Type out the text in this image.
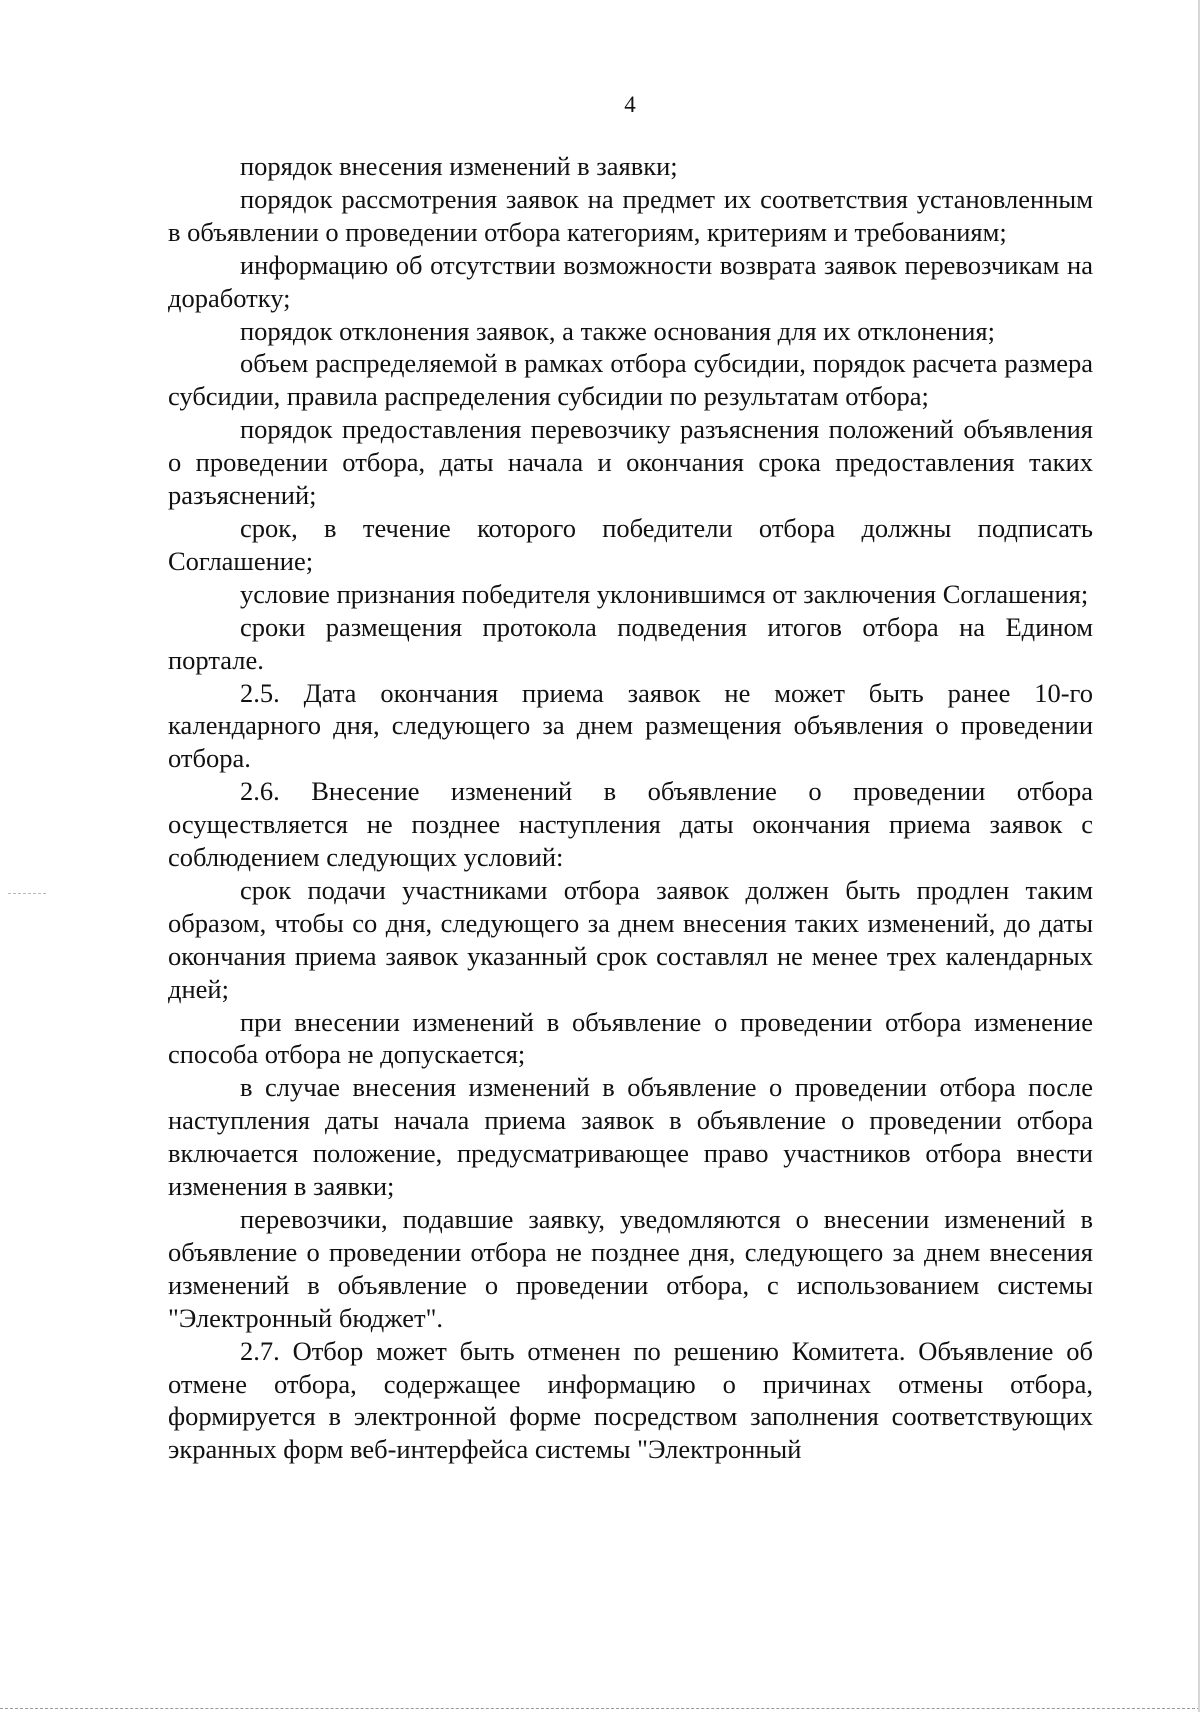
4

порядок внесения изменений в заявки;

порядок рассмотрения заявок на предмет их соответствия установленным в объявлении о проведении отбора категориям, критериям и требованиям;

информацию об отсутствии возможности возврата заявок перевозчикам на доработку;

порядок отклонения заявок, а также основания для их отклонения;

объем распределяемой в рамках отбора субсидии, порядок расчета размера субсидии, правила распределения субсидии по результатам отбора;

порядок предоставления перевозчику разъяснения положений объявления о проведении отбора, даты начала и окончания срока предоставления таких разъяснений;

срок, в течение которого победители отбора должны подписать Соглашение;

условие признания победителя уклонившимся от заключения Соглашения;

сроки размещения протокола подведения итогов отбора на Едином портале.

2.5. Дата окончания приема заявок не может быть ранее 10-го календарного дня, следующего за днем размещения объявления о проведении отбора.

2.6. Внесение изменений в объявление о проведении отбора осуществляется не позднее наступления даты окончания приема заявок с соблюдением следующих условий:

срок подачи участниками отбора заявок должен быть продлен таким образом, чтобы со дня, следующего за днем внесения таких изменений, до даты окончания приема заявок указанный срок составлял не менее трех календарных дней;

при внесении изменений в объявление о проведении отбора изменение способа отбора не допускается;

в случае внесения изменений в объявление о проведении отбора после наступления даты начала приема заявок в объявление о проведении отбора включается положение, предусматривающее право участников отбора внести изменения в заявки;

перевозчики, подавшие заявку, уведомляются о внесении изменений в объявление о проведении отбора не позднее дня, следующего за днем внесения изменений в объявление о проведении отбора, с использованием системы "Электронный бюджет".

2.7. Отбор может быть отменен по решению Комитета. Объявление об отмене отбора, содержащее информацию о причинах отмены отбора, формируется в электронной форме посредством заполнения соответствующих экранных форм веб-интерфейса системы "Электронный
